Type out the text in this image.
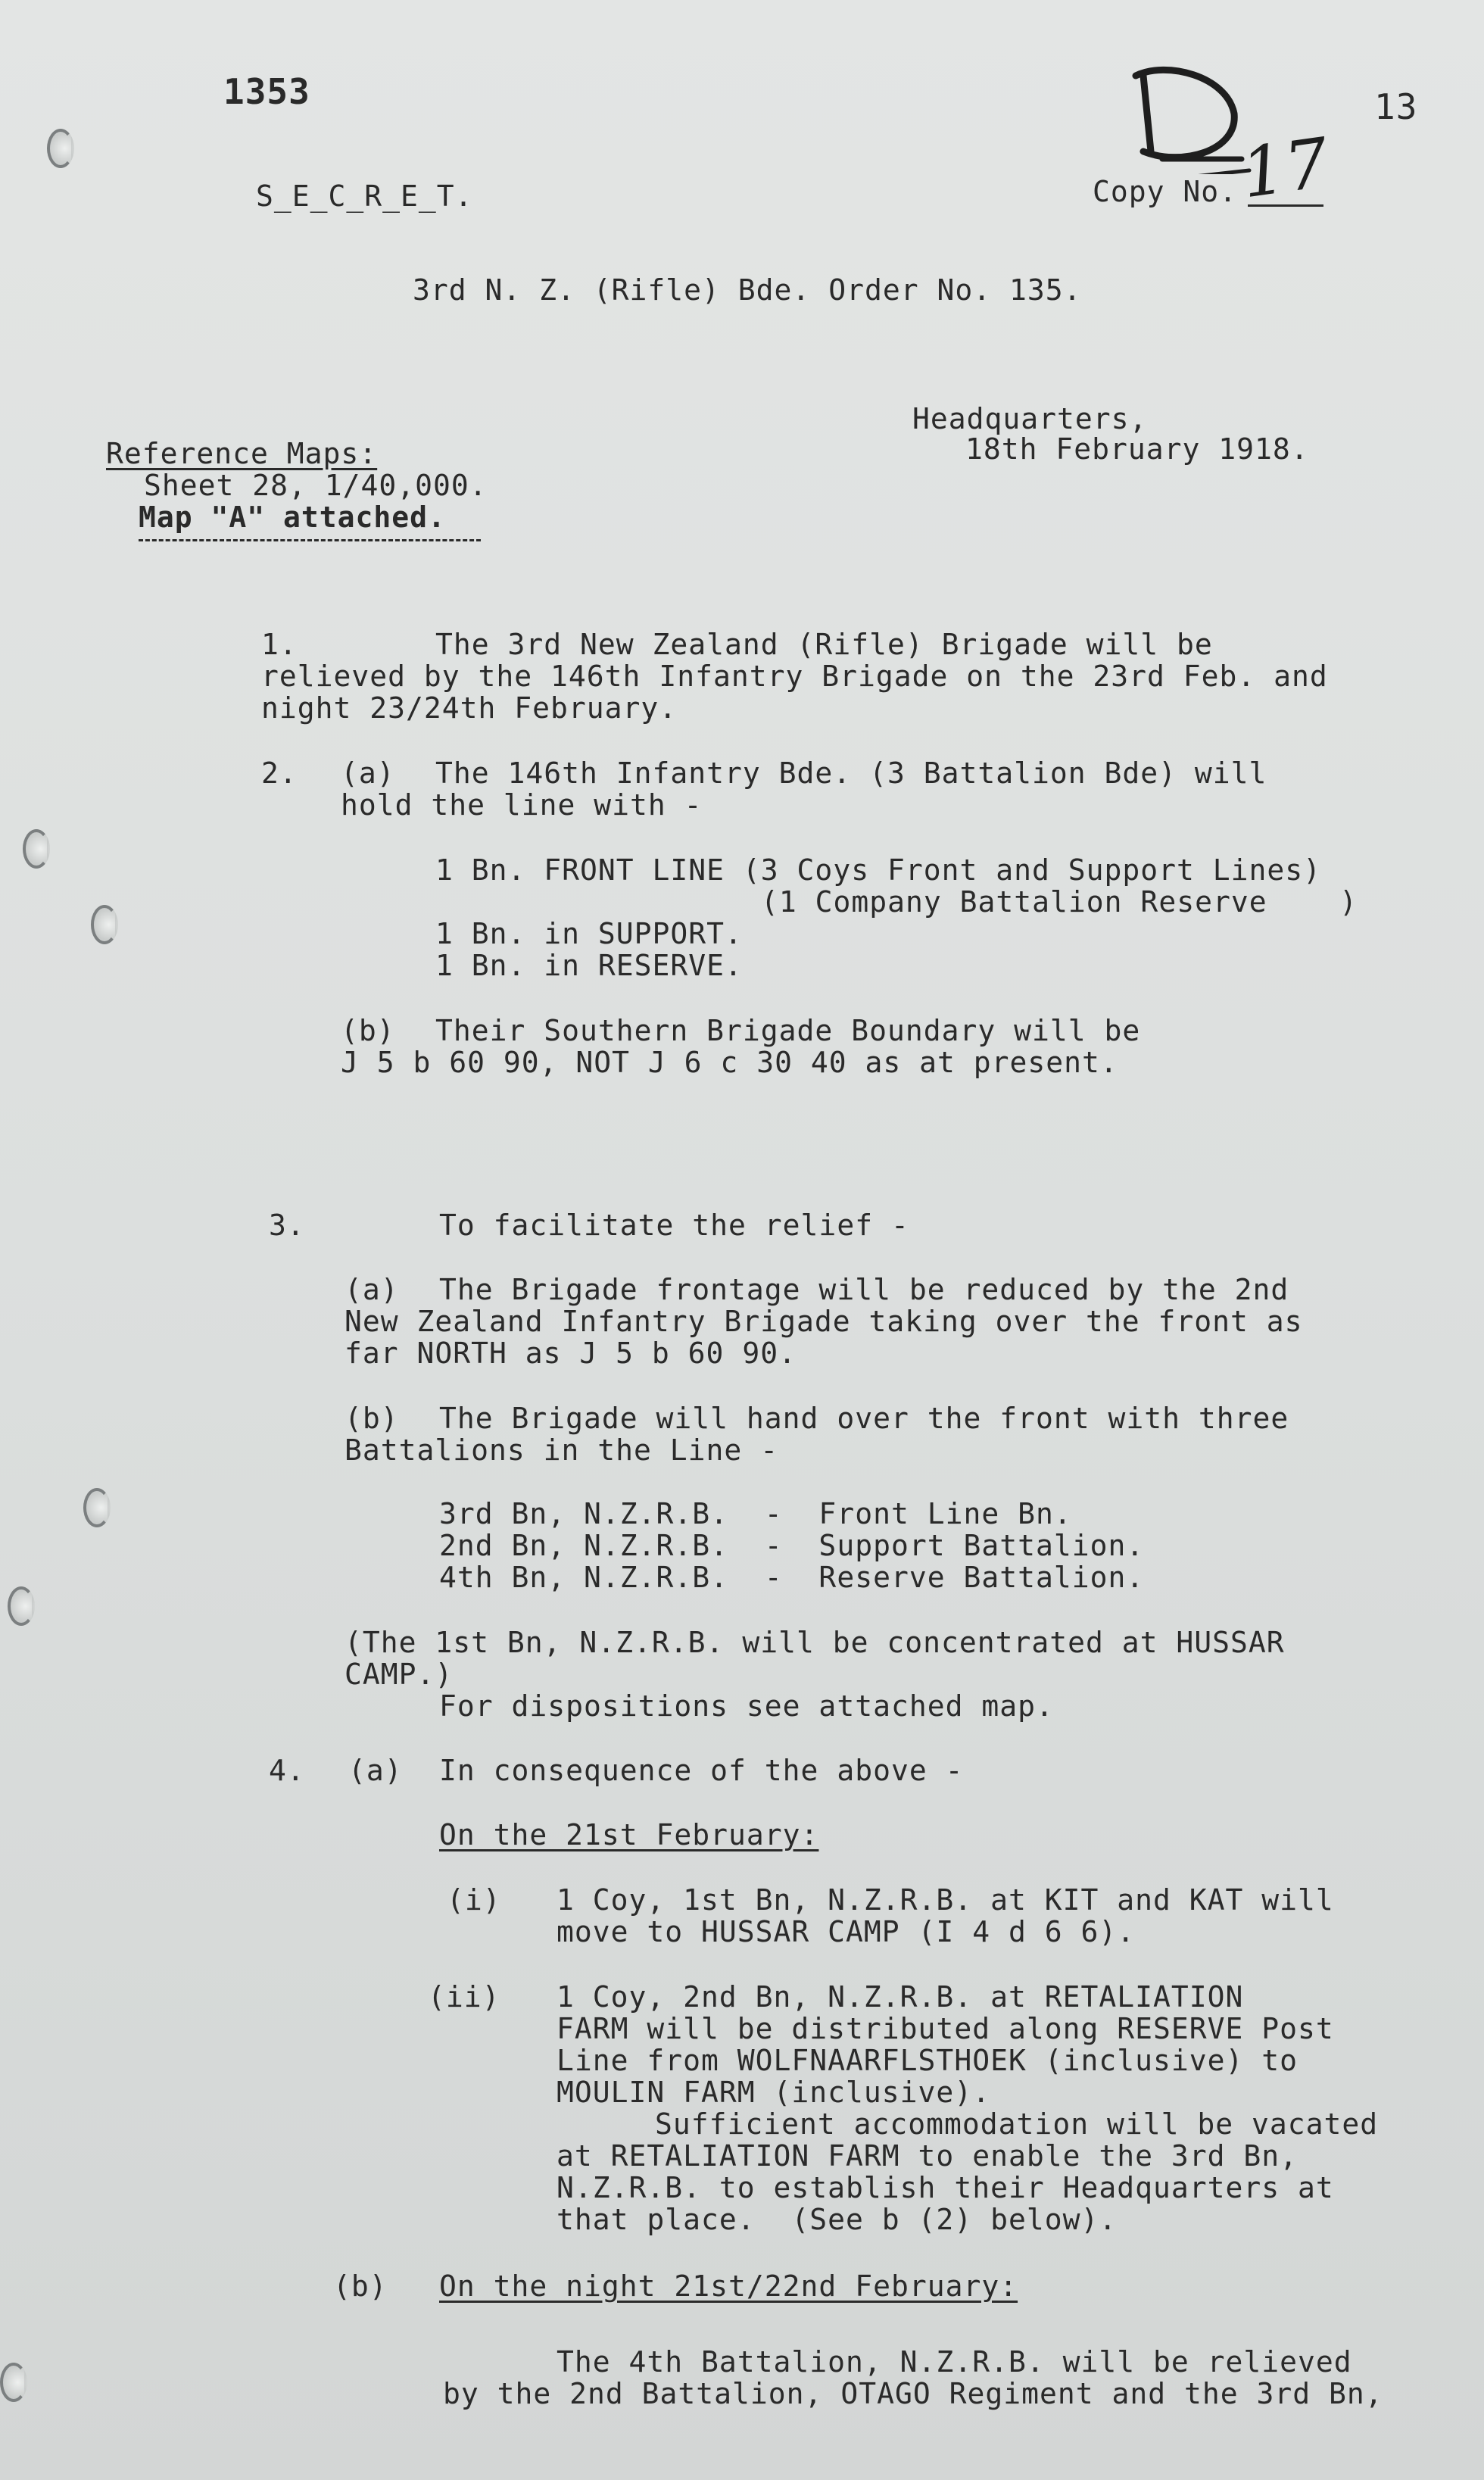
1353	13
S_E_C_R_E_T.	Copy No. 17
3rd N. Z. (Rifle) Bde. Order No. 135.
Headquarters,
18th February 1918.
Reference Maps:
Sheet 28, 1/40,000.
Map "A" attached.
1.	The 3rd New Zealand (Rifle) Brigade will be
relieved by the 146th Infantry Brigade on the 23rd Feb. and
night 23/24th February.
2. (a) The 146th Infantry Bde. (3 Battalion Bde) will
hold the line with -
1 Bn. FRONT LINE (3 Coys Front and Support Lines)
(1 Company Battalion Reserve    )
1 Bn. in SUPPORT.
1 Bn. in RESERVE.
(b) Their Southern Brigade Boundary will be
J 5 b 60 90, NOT J 6 c 30 40 as at present.
3.	To facilitate the relief -
(a) The Brigade frontage will be reduced by the 2nd
New Zealand Infantry Brigade taking over the front as
far NORTH as J 5 b 60 90.
(b) The Brigade will hand over the front with three
Battalions in the Line -
3rd Bn, N.Z.R.B.  -  Front Line Bn.
2nd Bn, N.Z.R.B.  -  Support Battalion.
4th Bn, N.Z.R.B.  -  Reserve Battalion.
(The 1st Bn, N.Z.R.B. will be concentrated at HUSSAR
CAMP.)
For dispositions see attached map.
4. (a) In consequence of the above -
On the 21st February:
(i) 1 Coy, 1st Bn, N.Z.R.B. at KIT and KAT will
move to HUSSAR CAMP (I 4 d 6 6).
(ii) 1 Coy, 2nd Bn, N.Z.R.B. at RETALIATION
FARM will be distributed along RESERVE Post
Line from WOLFNAARFLSTHOEK (inclusive) to
MOULIN FARM (inclusive).
Sufficient accommodation will be vacated
at RETALIATION FARM to enable the 3rd Bn,
N.Z.R.B. to establish their Headquarters at
that place.  (See b (2) below).
(b) On the night 21st/22nd February:
The 4th Battalion, N.Z.R.B. will be relieved
by the 2nd Battalion, OTAGO Regiment and the 3rd Bn,
